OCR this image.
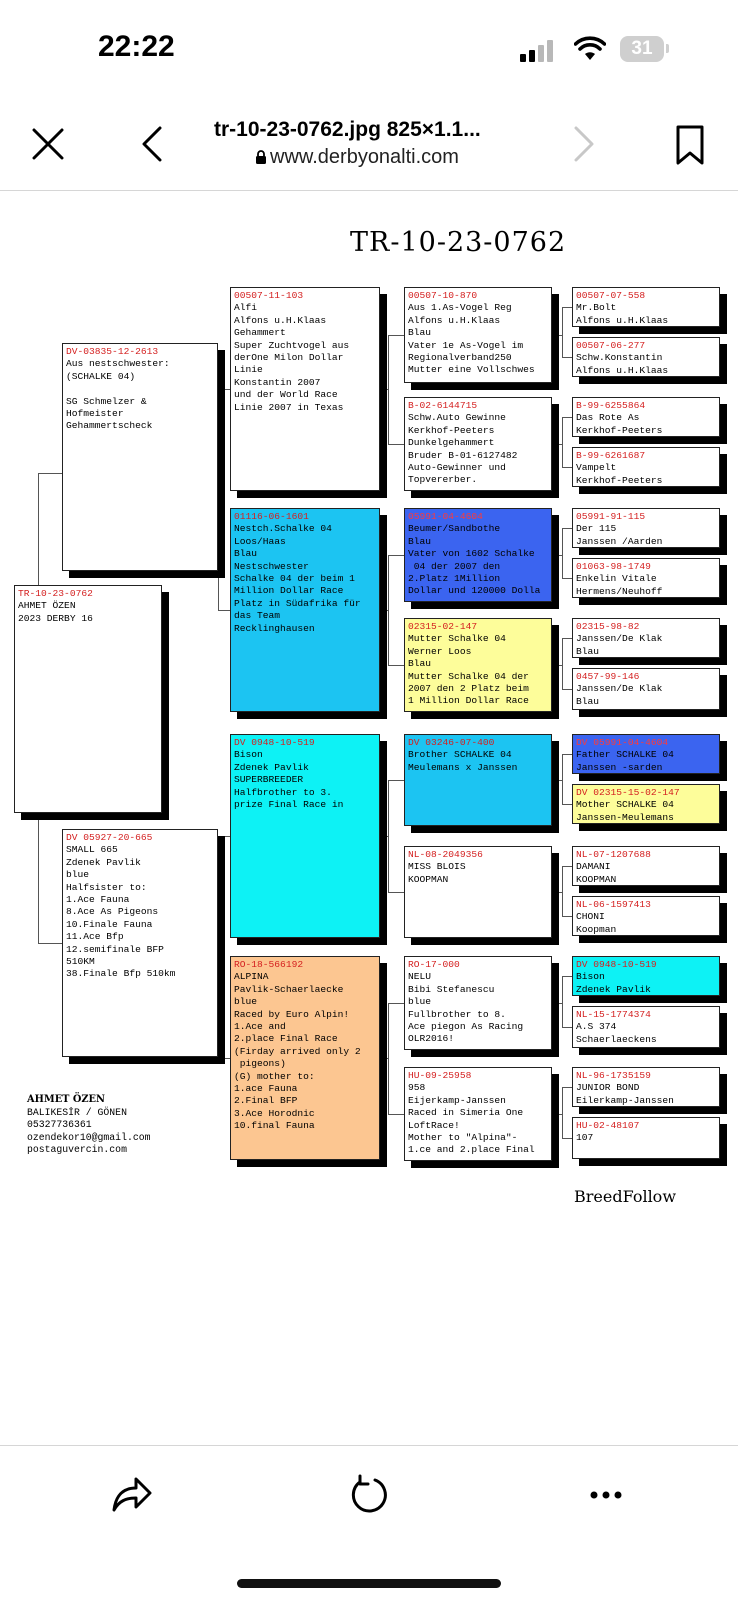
22:22	31
tr-10-23-0762.jpg 825×1.1...
www.derbyonalti.com
TR-10-23-0762
TR-10-23-0762
AHMET ÖZEN
2023 DERBY 16
DV-03835-12-2613
Aus nestschwester:
(SCHALKE 04)

SG Schmelzer &
Hofmeister
Gehammertscheck
DV 05927-20-665
SMALL 665
Zdenek Pavlik
blue
Halfsister to:
1.Ace Fauna
8.Ace As Pigeons
10.Finale Fauna
11.Ace Bfp
12.semifinale BFP
510KM
38.Finale Bfp 510km
00507-11-103
Alfi
Alfons u.H.Klaas
Gehammert
Super Zuchtvogel aus
derOne Milon Dollar
Linie
Konstantin 2007
und der World Race
Linie 2007 in Texas
01116-06-1601
Nestch.Schalke 04
Loos/Haas
Blau
Nestschwester
Schalke 04 der beim 1
Million Dollar Race
Platz in Südafrika für
das Team
Recklinghausen
DV 0948-10-519
Bison
Zdenek Pavlik
SUPERBREEDER
Halfbrother to 3.
prize Final Race in
RO-18-566192
ALPINA
Pavlik-Schaerlaecke
blue
Raced by Euro Alpin!
1.Ace and
2.place Final Race
(Firday arrived only 2
pigeons)
(G) mother to:
1.ace Fauna
2.Final BFP
3.Ace Horodnic
10.final Fauna
00507-10-870
Aus 1.As-Vogel Reg
Alfons u.H.Klaas
Blau
Vater 1e As-Vogel im
Regionalverband250
Mutter eine Vollschwes
B-02-6144715
Schw.Auto Gewinne
Kerkhof-Peeters
Dunkelgehammert
Bruder B-01-6127482
Auto-Gewinner und
Topvererber.
05991-04-4604
Beumer/Sandbothe
Blau
Vater von 1602 Schalke
04 der 2007 den
2.Platz 1Million
Dollar und 120000 Dolla
02315-02-147
Mutter Schalke 04
Werner Loos
Blau
Mutter Schalke 04 der
2007 den 2 Platz beim
1 Million Dollar Race
DV 03246-07-400
Brother SCHALKE 04
Meulemans x Janssen
NL-08-2049356
MISS BLOIS
KOOPMAN
RO-17-000
NELU
Bibi Stefanescu
blue
Fullbrother to 8.
Ace piegon As Racing
OLR2016!
HU-09-25958
958
Eijerkamp-Janssen
Raced in Simeria One
LoftRace!
Mother to "Alpina"-
1.ce and 2.place Final
00507-07-558
Mr.Bolt
Alfons u.H.Klaas
00507-06-277
Schw.Konstantin
Alfons u.H.Klaas
B-99-6255864
Das Rote As
Kerkhof-Peeters
B-99-6261687
Vampelt
Kerkhof-Peeters
05991-91-115
Der 115
Janssen /Aarden
01063-98-1749
Enkelin Vitale
Hermens/Neuhoff
02315-98-82
Janssen/De Klak
Blau
0457-99-146
Janssen/De Klak
Blau
DV 05991-04-4604
Father SCHALKE 04
Janssen -sarden
DV 02315-15-02-147
Mother SCHALKE 04
Janssen-Meulemans
NL-07-1207688
DAMANI
KOOPMAN
NL-06-1597413
CHONI
Koopman
DV 0948-10-519
Bison
Zdenek Pavlik
NL-15-1774374
A.S 374
Schaerlaeckens
NL-96-1735159
JUNIOR BOND
Eilerkamp-Janssen
HU-02-48107
107
AHMET ÖZEN
BALIKESİR / GÖNEN
05327736361
ozendekor10@gmail.com
postaguvercin.com
BreedFollow
